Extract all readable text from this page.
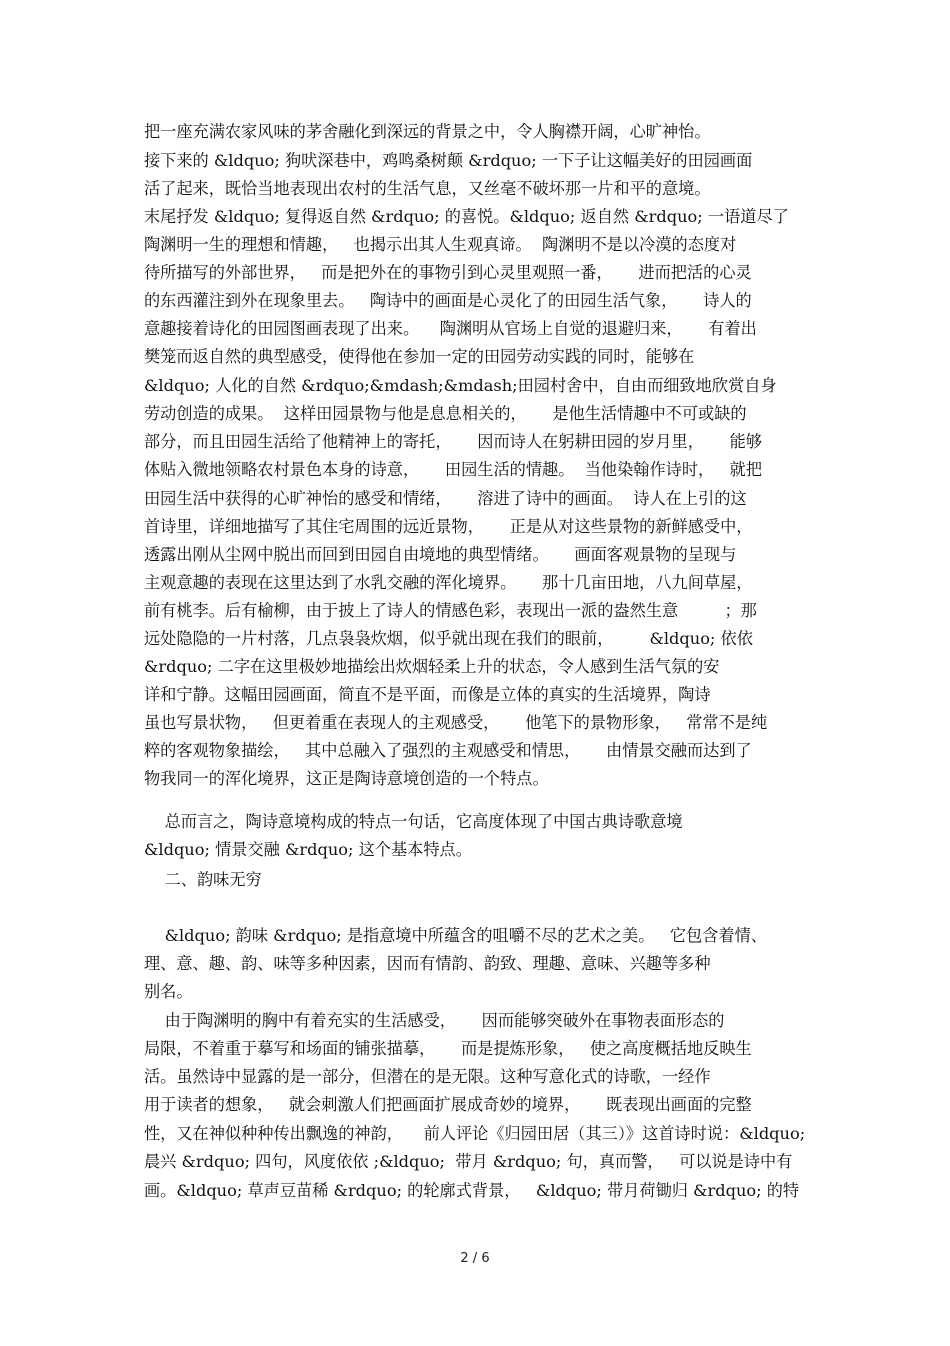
把一座充满农家风味的茅舍融化到深远的背景之中，令人胸襟开阔，心旷神怡。
接下来的 &ldquo; 狗吠深巷中，鸡鸣桑树颠 &rdquo; 一下子让这幅美好的田园画面
活了起来，既恰当地表现出农村的生活气息，又丝毫不破坏那一片和平的意境。
末尾抒发 &ldquo; 复得返自然 &rdquo; 的喜悦。&ldquo; 返自然 &rdquo; 一语道尽了
陶渊明一生的理想和情趣，   也揭示出其人生观真谛。  陶渊明不是以冷漠的态度对
待所描写的外部世界，   而是把外在的事物引到心灵里观照一番，     进而把活的心灵
的东西灌注到外在现象里去。   陶诗中的画面是心灵化了的田园生活气象，     诗人的
意趣接着诗化的田园图画表现了出来。    陶渊明从官场上自觉的退避归来，     有着出
樊笼而返自然的典型感受，使得他在参加一定的田园劳动实践的同时，能够在
&ldquo; 人化的自然 &rdquo;&mdash;&mdash;田园村舍中，自由而细致地欣赏自身
劳动创造的成果。  这样田园景物与他是息息相关的，     是他生活情趣中不可或缺的
部分，而且田园生活给了他精神上的寄托，     因而诗人在躬耕田园的岁月里，     能够
体贴入微地领略农村景色本身的诗意，     田园生活的情趣。  当他染翰作诗时，   就把
田园生活中获得的心旷神怡的感受和情绪，     溶进了诗中的画面。  诗人在上引的这
首诗里，详细地描写了其住宅周围的远近景物，     正是从对这些景物的新鲜感受中，
透露出刚从尘网中脱出而回到田园自由境地的典型情绪。     画面客观景物的呈现与
主观意趣的表现在这里达到了水乳交融的浑化境界。     那十几亩田地，八九间草屋，
前有桃李。后有榆柳，由于披上了诗人的情感色彩，表现出一派的盎然生意         ；那
远处隐隐的一片村落，几点袅袅炊烟，似乎就出现在我们的眼前，       &ldquo; 依依
&rdquo; 二字在这里极妙地描绘出炊烟轻柔上升的状态，令人感到生活气氛的安
详和宁静。这幅田园画面，简直不是平面，而像是立体的真实的生活境界，陶诗
虽也写景状物，   但更着重在表现人的主观感受，     他笔下的景物形象，   常常不是纯
粹的客观物象描绘，   其中总融入了强烈的主观感受和情思，     由情景交融而达到了
物我同一的浑化境界，这正是陶诗意境创造的一个特点。
总而言之，陶诗意境构成的特点一句话，它高度体现了中国古典诗歌意境
&ldquo; 情景交融 &rdquo; 这个基本特点。
二、韵味无穷
&ldquo; 韵味 &rdquo; 是指意境中所蕴含的咀嚼不尽的艺术之美。   它包含着情、
理、意、趣、韵、味等多种因素，因而有情韵、韵致、理趣、意味、兴趣等多种
别名。
由于陶渊明的胸中有着充实的生活感受，     因而能够突破外在事物表面形态的
局限，不着重于摹写和场面的铺张描摹，     而是提炼形象，   使之高度概括地反映生
活。虽然诗中显露的是一部分，但潜在的是无限。这种写意化式的诗歌，一经作
用于读者的想象，   就会刺激人们把画面扩展成奇妙的境界，     既表现出画面的完整
性，又在神似种种传出飘逸的神韵，    前人评论《归园田居（其三）》这首诗时说：&ldquo;
晨兴 &rdquo; 四句，风度依依 ;&ldquo;  带月 &rdquo; 句，真而警，   可以说是诗中有
画。&ldquo; 草声豆苗稀 &rdquo; 的轮廓式背景，   &ldquo; 带月荷锄归 &rdquo; 的特
2 / 6
